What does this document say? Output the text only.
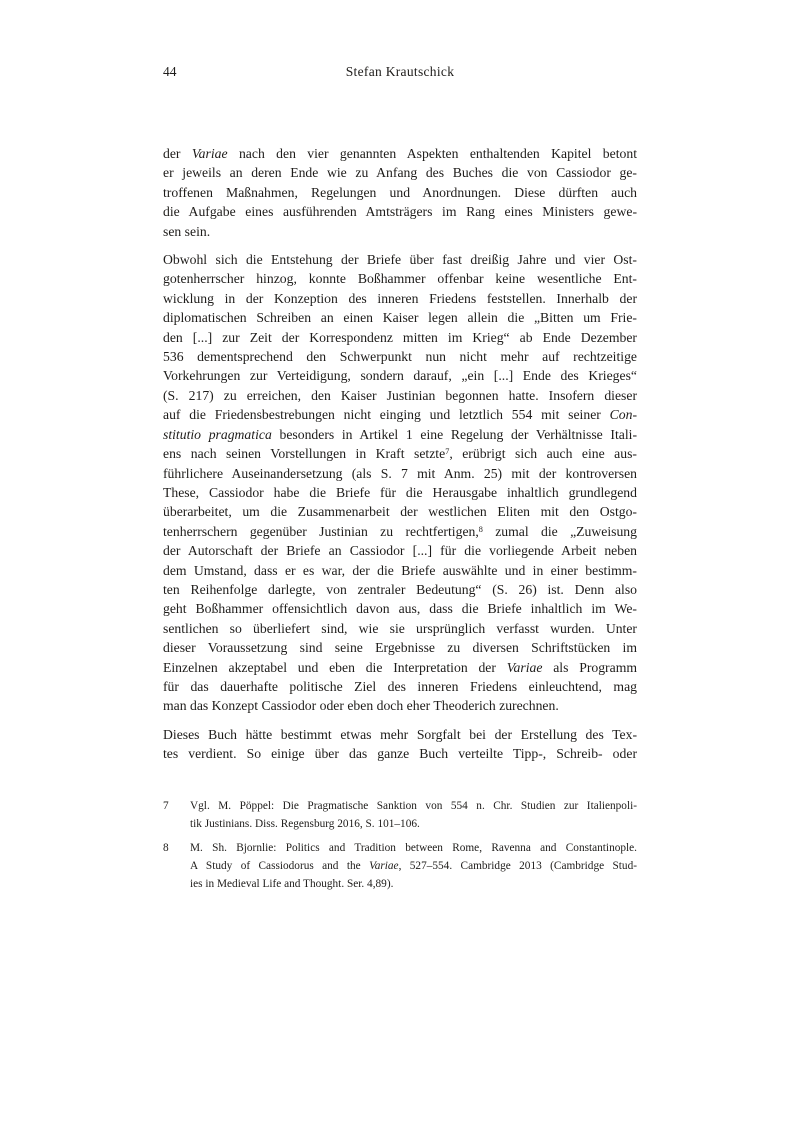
44	Stefan Krautschick

der Variae nach den vier genannten Aspekten enthaltenden Kapitel betont
er jeweils an deren Ende wie zu Anfang des Buches die von Cassiodor ge-
troffenen Maßnahmen, Regelungen und Anordnungen. Diese dürften auch
die Aufgabe eines ausführenden Amtsträgers im Rang eines Ministers gewe-
sen sein.

Obwohl sich die Entstehung der Briefe über fast dreißig Jahre und vier Ost-
gotenherrscher hinzog, konnte Boßhammer offenbar keine wesentliche Ent-
wicklung in der Konzeption des inneren Friedens feststellen. Innerhalb der
diplomatischen Schreiben an einen Kaiser legen allein die „Bitten um Frie-
den [...] zur Zeit der Korrespondenz mitten im Krieg“ ab Ende Dezember
536 dementsprechend den Schwerpunkt nun nicht mehr auf rechtzeitige
Vorkehrungen zur Verteidigung, sondern darauf, „ein [...] Ende des Krieges“
(S. 217) zu erreichen, den Kaiser Justinian begonnen hatte. Insofern dieser
auf die Friedensbestrebungen nicht einging und letztlich 554 mit seiner Con-
stitutio pragmatica besonders in Artikel 1 eine Regelung der Verhältnisse Itali-
ens nach seinen Vorstellungen in Kraft setzte$^7$, erübrigt sich auch eine aus-
führlichere Auseinandersetzung (als S. 7 mit Anm. 25) mit der kontroversen
These, Cassiodor habe die Briefe für die Herausgabe inhaltlich grundlegend
überarbeitet, um die Zusammenarbeit der westlichen Eliten mit den Ostgo-
tenherrschern gegenüber Justinian zu rechtfertigen,$^8$ zumal die „Zuweisung
der Autorschaft der Briefe an Cassiodor [...] für die vorliegende Arbeit neben
dem Umstand, dass er es war, der die Briefe auswählte und in einer bestimm-
ten Reihenfolge darlegte, von zentraler Bedeutung“ (S. 26) ist. Denn also
geht Boßhammer offensichtlich davon aus, dass die Briefe inhaltlich im We-
sentlichen so überliefert sind, wie sie ursprünglich verfasst wurden. Unter
dieser Voraussetzung sind seine Ergebnisse zu diversen Schriftstücken im
Einzelnen akzeptabel und eben die Interpretation der Variae als Programm
für das dauerhafte politische Ziel des inneren Friedens einleuchtend, mag
man das Konzept Cassiodor oder eben doch eher Theoderich zurechnen.

Dieses Buch hätte bestimmt etwas mehr Sorgfalt bei der Erstellung des Tex-
tes verdient. So einige über das ganze Buch verteilte Tipp-, Schreib- oder

7	Vgl. M. Pöppel: Die Pragmatische Sanktion von 554 n. Chr. Studien zur Italienpoli-
tik Justinians. Diss. Regensburg 2016, S. 101–106.
8	M. Sh. Bjornlie: Politics and Tradition between Rome, Ravenna and Constantinople.
A Study of Cassiodorus and the Variae, 527–554. Cambridge 2013 (Cambridge Stud-
ies in Medieval Life and Thought. Ser. 4,89).
